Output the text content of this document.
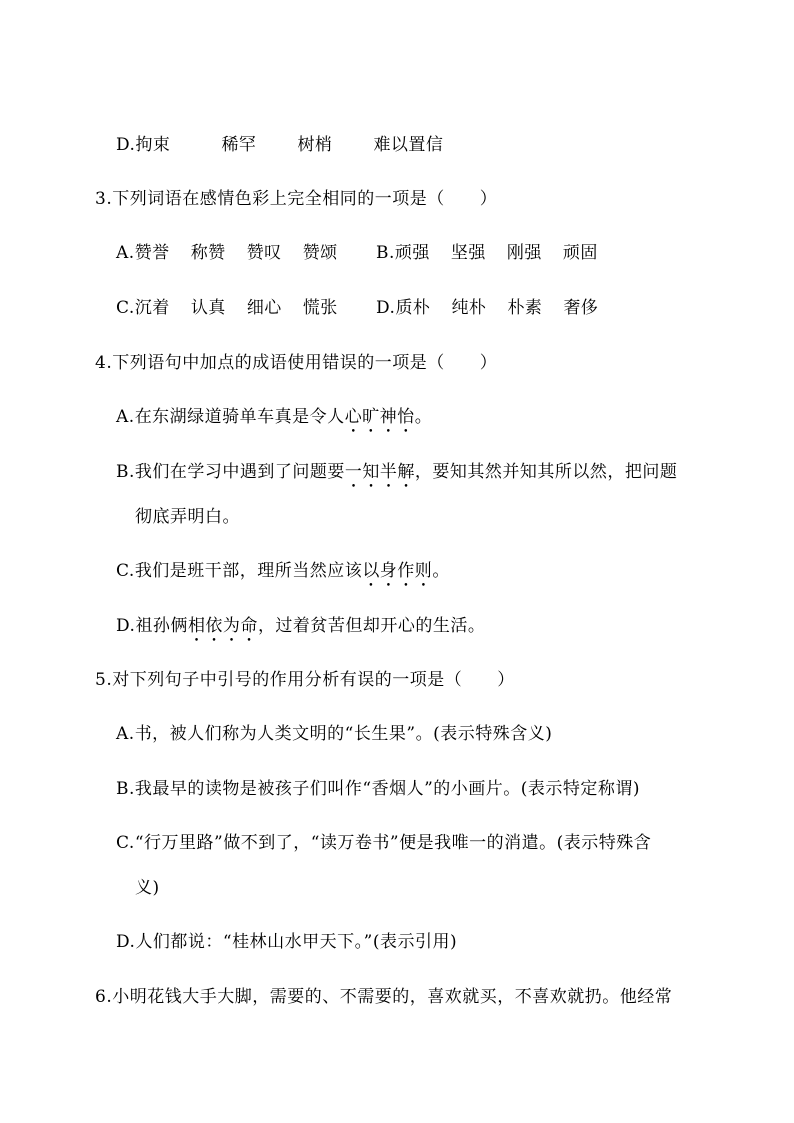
D.拘束	稀罕 树梢 难以置信
3.下列词语在感情色彩上完全相同的一项是（　　）
A.赞誉 称赞 赞叹 赞颂 B.顽强 坚强 刚强 顽固
C.沉着 认真 细心 慌张 D.质朴 纯朴 朴素 奢侈
4.下列语句中加点的成语使用错误的一项是（　　）
A.在东湖绿道骑单车真是令人心旷神怡。
B.我们在学习中遇到了问题要一知半解，要知其然并知其所以然，把问题
彻底弄明白。
C.我们是班干部，理所当然应该以身作则。
D.祖孙俩相依为命，过着贫苦但却开心的生活。
5.对下列句子中引号的作用分析有误的一项是（　　）
A.书，被人们称为人类文明的“长生果”。(表示特殊含义)
B.我最早的读物是被孩子们叫作“香烟人”的小画片。(表示特定称谓)
C.“行万里路”做不到了，“读万卷书”便是我唯一的消遣。(表示特殊含
义)
D.人们都说：“桂林山水甲天下。”(表示引用)
6.小明花钱大手大脚，需要的、不需要的，喜欢就买，不喜欢就扔。他经常
